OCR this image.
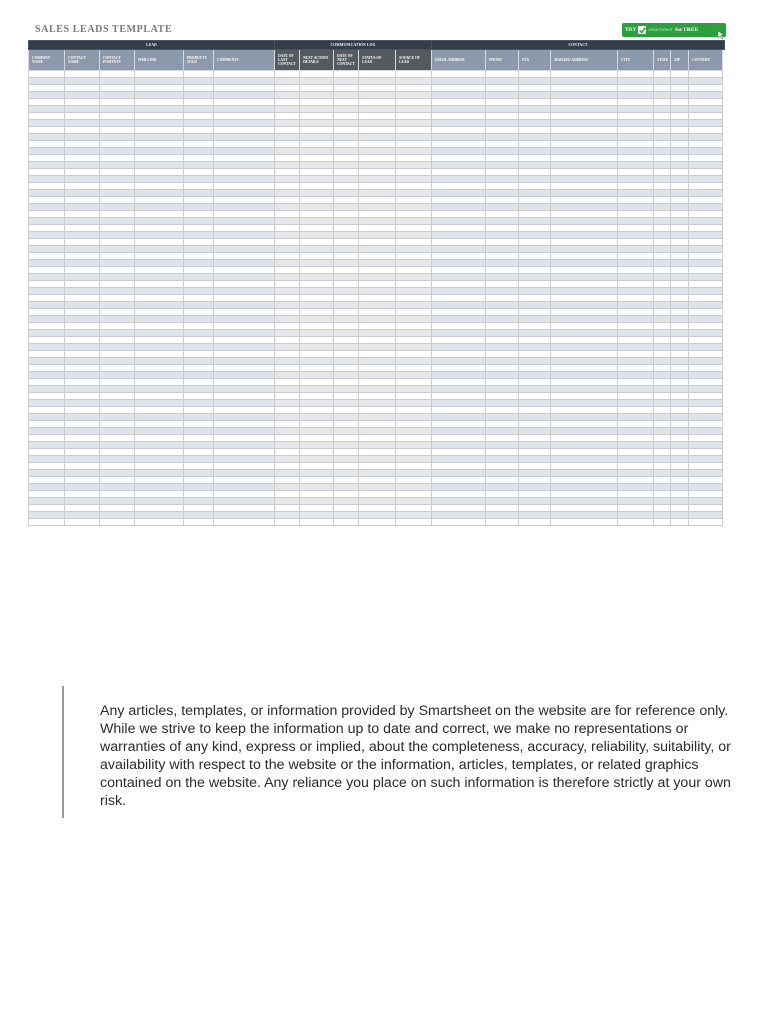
SALES LEADS TEMPLATE	TRY smartsheet for FREE
LEAD						COMMUNICATION LOG					CONTACT							
COMPANY NAME	CONTACT NAME	CONTACT POSITION	WEB LINK	PRODUCTS SOLD	COMMENTS	DATE OF LAST CONTACT	NEXT ACTION DETAILS	DATE OF NEXT CONTACT	STATUS OF LEAD	SOURCE OF LEAD	EMAIL ADDRESS	PHONE	FAX	MAILING ADDRESS	CITY	STATE	ZIP	COUNTRY

Any articles, templates, or information provided by Smartsheet on the website are for reference only. While we strive to keep the information up to date and correct, we make no representations or warranties of any kind, express or implied, about the completeness, accuracy, reliability, suitability, or availability with respect to the website or the information, articles, templates, or related graphics contained on the website. Any reliance you place on such information is therefore strictly at your own risk.
